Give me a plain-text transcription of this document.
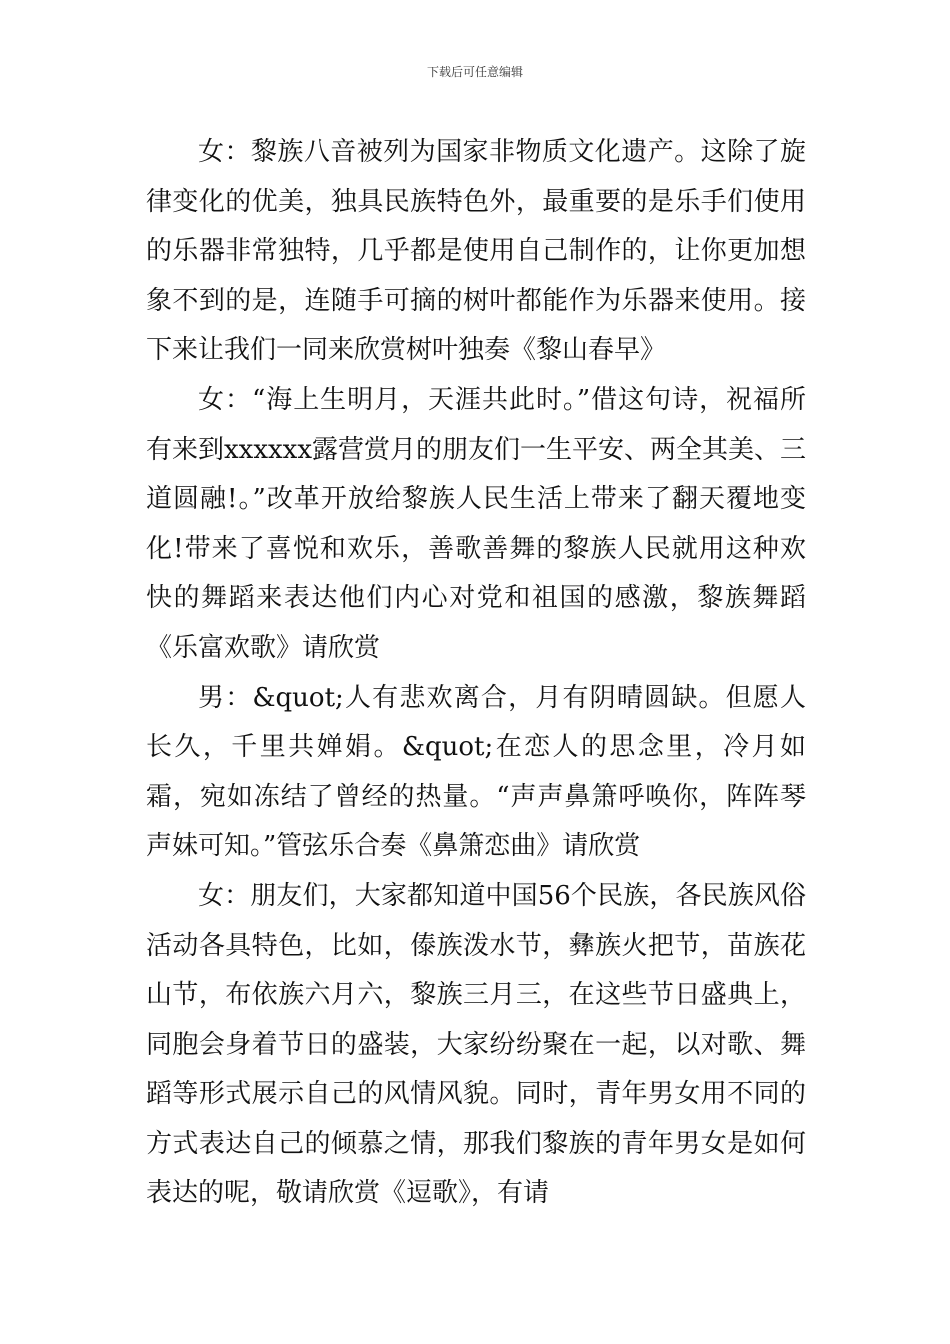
下载后可任意编辑

女：黎族八音被列为国家非物质文化遗产。这除了旋律变化的优美，独具民族特色外，最重要的是乐手们使用的乐器非常独特，几乎都是使用自己制作的，让你更加想象不到的是，连随手可摘的树叶都能作为乐器来使用。接下来让我们一同来欣赏树叶独奏《黎山春早》

女：“海上生明月，天涯共此时。”借这句诗，祝福所有来到xxxxxx露营赏月的朋友们一生平安、两全其美、三道圆融!。”改革开放给黎族人民生活上带来了翻天覆地变化!带来了喜悦和欢乐，善歌善舞的黎族人民就用这种欢快的舞蹈来表达他们内心对党和祖国的感激，黎族舞蹈《乐富欢歌》请欣赏

男：&quot;人有悲欢离合，月有阴晴圆缺。但愿人长久，千里共婵娟。&quot;在恋人的思念里，冷月如霜，宛如冻结了曾经的热量。“声声鼻箫呼唤你，阵阵琴声妹可知。”管弦乐合奏《鼻箫恋曲》请欣赏

女：朋友们，大家都知道中国56个民族，各民族风俗活动各具特色，比如，傣族泼水节，彝族火把节，苗族花山节，布依族六月六，黎族三月三，在这些节日盛典上，同胞会身着节日的盛装，大家纷纷聚在一起，以对歌、舞蹈等形式展示自己的风情风貌。同时，青年男女用不同的方式表达自己的倾慕之情，那我们黎族的青年男女是如何表达的呢，敬请欣赏《逗歌》，有请
